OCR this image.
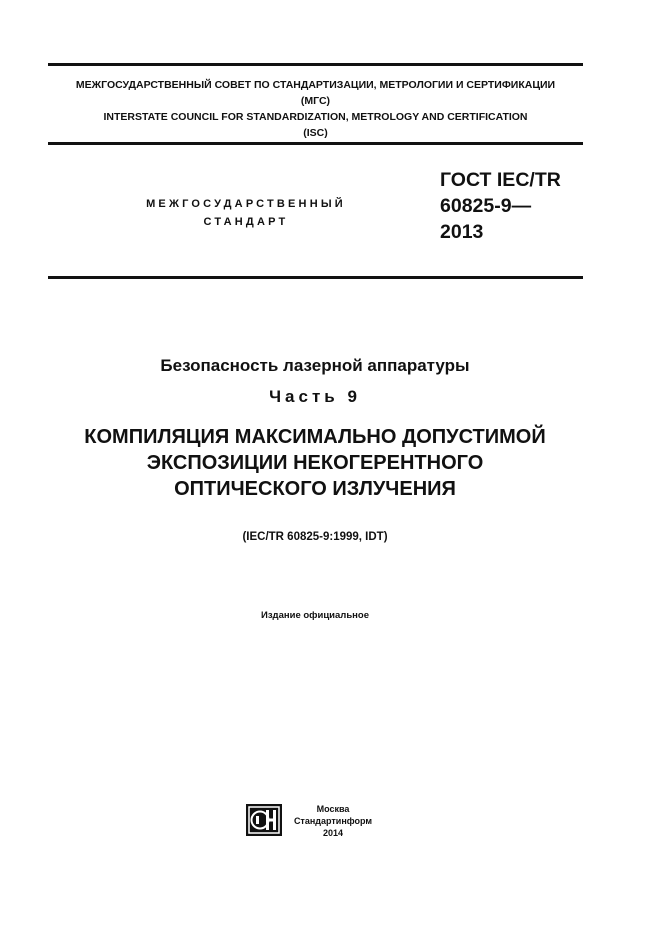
МЕЖГОСУДАРСТВЕННЫЙ СОВЕТ ПО СТАНДАРТИЗАЦИИ, МЕТРОЛОГИИ И СЕРТИФИКАЦИИ
(МГС)
INTERSTATE COUNCIL FOR STANDARDIZATION, METROLOGY AND CERTIFICATION
(ISC)
МЕЖГОСУДАРСТВЕННЫЙ
СТАНДАРТ
ГОСТ IEC/TR
60825-9—
2013
Безопасность лазерной аппаратуры
Часть 9
КОМПИЛЯЦИЯ МАКСИМАЛЬНО ДОПУСТИМОЙ
ЭКСПОЗИЦИИ НЕКОГЕРЕНТНОГО
ОПТИЧЕСКОГО ИЗЛУЧЕНИЯ
(IEC/TR 60825-9:1999, IDT)
Издание официальное
Москва
Стандартинформ
2014
